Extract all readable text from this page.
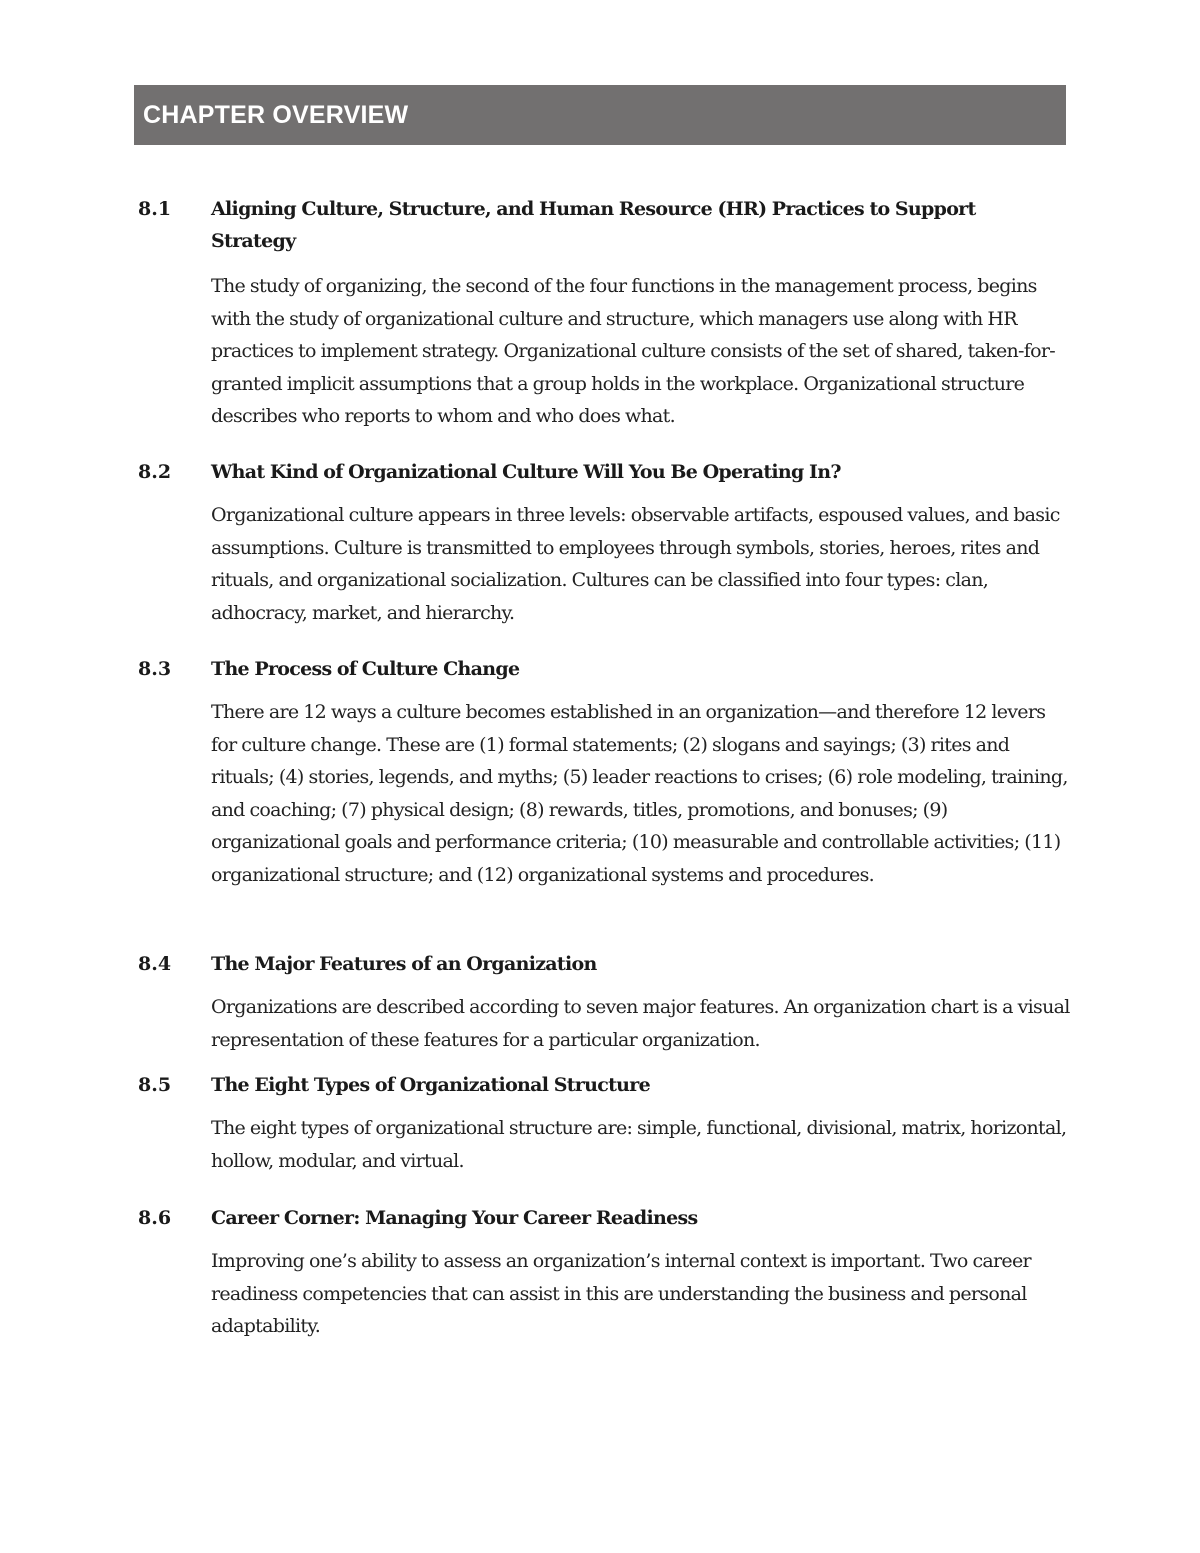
CHAPTER OVERVIEW
8.1 Aligning Culture, Structure, and Human Resource (HR) Practices to Support Strategy
The study of organizing, the second of the four functions in the management process, begins with the study of organizational culture and structure, which managers use along with HR practices to implement strategy. Organizational culture consists of the set of shared, taken-for-granted implicit assumptions that a group holds in the workplace. Organizational structure describes who reports to whom and who does what.
8.2 What Kind of Organizational Culture Will You Be Operating In?
Organizational culture appears in three levels: observable artifacts, espoused values, and basic assumptions. Culture is transmitted to employees through symbols, stories, heroes, rites and rituals, and organizational socialization. Cultures can be classified into four types: clan, adhocracy, market, and hierarchy.
8.3 The Process of Culture Change
There are 12 ways a culture becomes established in an organization—and therefore 12 levers for culture change. These are (1) formal statements; (2) slogans and sayings; (3) rites and rituals; (4) stories, legends, and myths; (5) leader reactions to crises; (6) role modeling, training, and coaching; (7) physical design; (8) rewards, titles, promotions, and bonuses; (9) organizational goals and performance criteria; (10) measurable and controllable activities; (11) organizational structure; and (12) organizational systems and procedures.
8.4 The Major Features of an Organization
Organizations are described according to seven major features. An organization chart is a visual representation of these features for a particular organization.
8.5 The Eight Types of Organizational Structure
The eight types of organizational structure are: simple, functional, divisional, matrix, horizontal, hollow, modular, and virtual.
8.6 Career Corner: Managing Your Career Readiness
Improving one’s ability to assess an organization’s internal context is important. Two career readiness competencies that can assist in this are understanding the business and personal adaptability.
